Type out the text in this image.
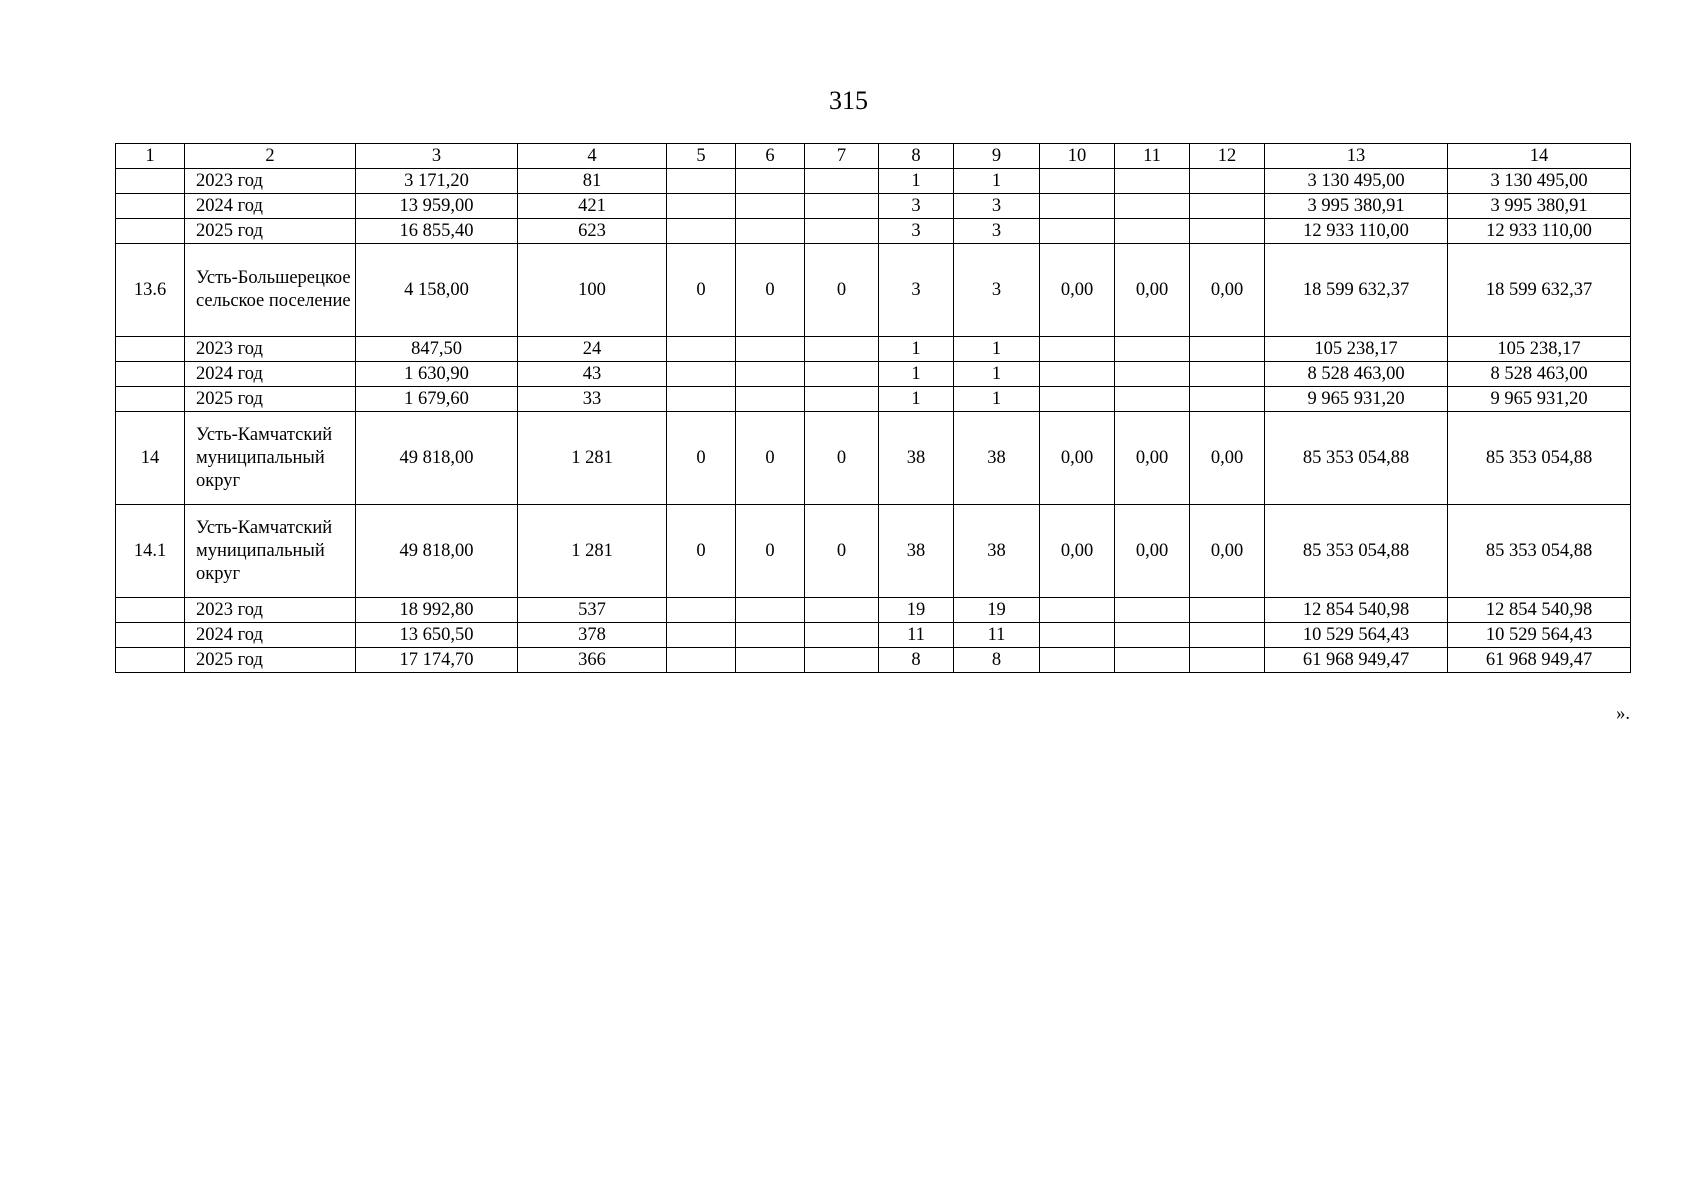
315
1	2	3	4	5	6	7	8	9	10	11	12	13	14
	2023 год	3 171,20	81				1	1				3 130 495,00	3 130 495,00
	2024 год	13 959,00	421				3	3				3 995 380,91	3 995 380,91
	2025 год	16 855,40	623				3	3				12 933 110,00	12 933 110,00
13.6	Усть-Большерецкое сельское поселение	4 158,00	100	0	0	0	3	3	0,00	0,00	0,00	18 599 632,37	18 599 632,37
	2023 год	847,50	24				1	1				105 238,17	105 238,17
	2024 год	1 630,90	43				1	1				8 528 463,00	8 528 463,00
	2025 год	1 679,60	33				1	1				9 965 931,20	9 965 931,20
14	Усть-Камчатский муниципальный округ	49 818,00	1 281	0	0	0	38	38	0,00	0,00	0,00	85 353 054,88	85 353 054,88
14.1	Усть-Камчатский муниципальный округ	49 818,00	1 281	0	0	0	38	38	0,00	0,00	0,00	85 353 054,88	85 353 054,88
	2023 год	18 992,80	537				19	19				12 854 540,98	12 854 540,98
	2024 год	13 650,50	378				11	11				10 529 564,43	10 529 564,43
	2025 год	17 174,70	366				8	8				61 968 949,47	61 968 949,47
».
